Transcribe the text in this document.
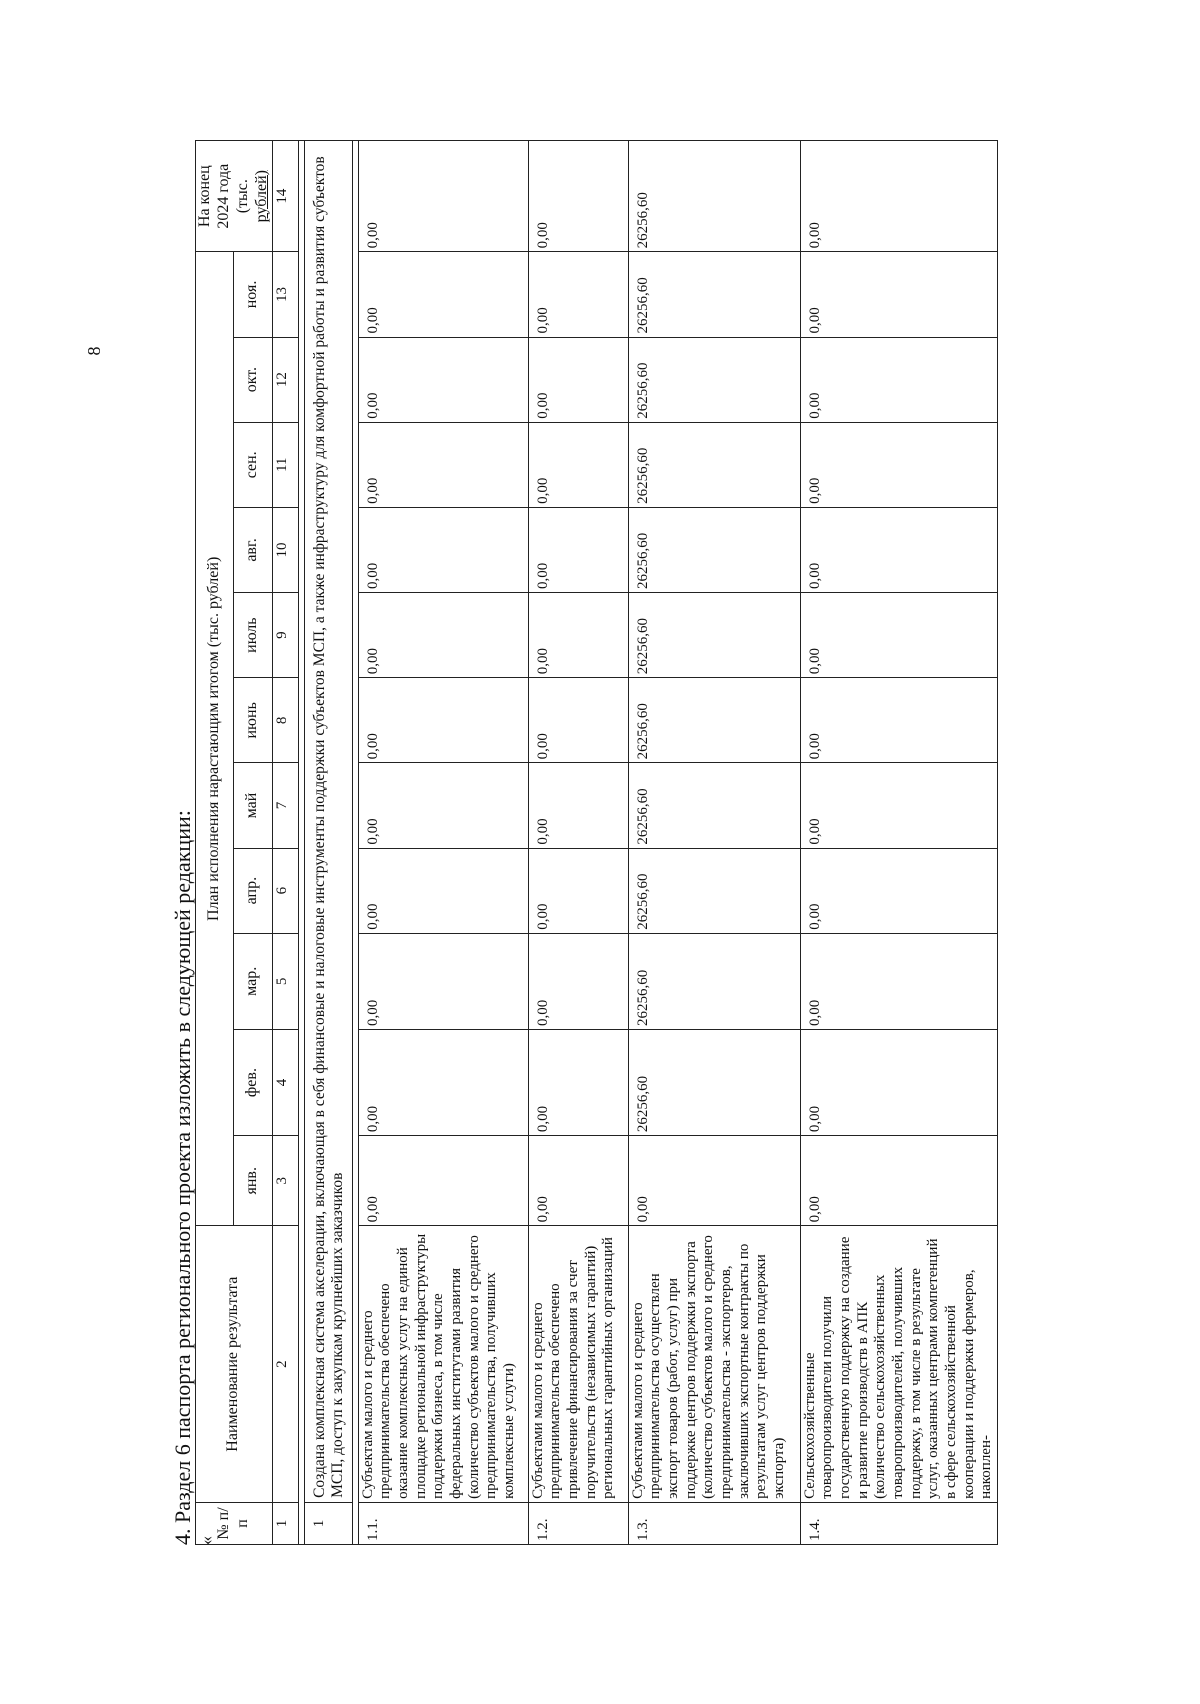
8
4. Раздел 6 паспорта регионального проекта изложить в следующей редакции: «
№ п/п	Наименование результата	План исполнения нарастающим итогом (тыс. рублей)											На конец 2024 года (тыс. рублей)

		янв.	фев.	мар.	апр.	май	июнь	июль	авг.	сен.	окт.	ноя.	
1	2	3	4	5	6	7	8	9	10	11	12	13	14

1	Создана комплексная система акселерации, включающая в себя финансовые и налоговые инструменты поддержки субъектов МСП, а также инфраструктуру для комфортной работы и развития субъектов МСП, доступ к закупкам крупнейших заказчиков												

1.1.	Субъектам малого и среднего предпринимательства обеспечено оказание комплексных услуг на единой площадке региональной инфраструктуры поддержки бизнеса, в том числе федеральных институтами развития (количество субъектов малого и среднего предпринимательства, получивших комплексные услуги)	0,00	0,00	0,00	0,00	0,00	0,00	0,00	0,00	0,00	0,00	0,00	0,00
1.2.	Субъектами малого и среднего предпринимательства обеспечено привлечение финансирования за счет поручительств (независимых гарантий) региональных гарантийных организаций	0,00	0,00	0,00	0,00	0,00	0,00	0,00	0,00	0,00	0,00	0,00	0,00
1.3.	Субъектами малого и среднего предпринимательства осуществлен экспорт товаров (работ, услуг) при поддержке центров поддержки экспорта (количество субъектов малого и среднего предпринимательства - экспортеров, заключивших экспортные контракты по результатам услуг центров поддержки экспорта)	0,00	26256,60	26256,60	26256,60	26256,60	26256,60	26256,60	26256,60	26256,60	26256,60	26256,60	26256,60
1.4.	Сельскохозяйственные товаропроизводители получили государственную поддержку на создание и развитие производств в АПК (количество сельскохозяйственных товаропроизводителей, получивших поддержку, в том числе в результате услуг, оказанных центрами компетенций в сфере сельскохозяйственной кооперации и поддержки фермеров, накоплен-	0,00	0,00	0,00	0,00	0,00	0,00	0,00	0,00	0,00	0,00	0,00	0,00
